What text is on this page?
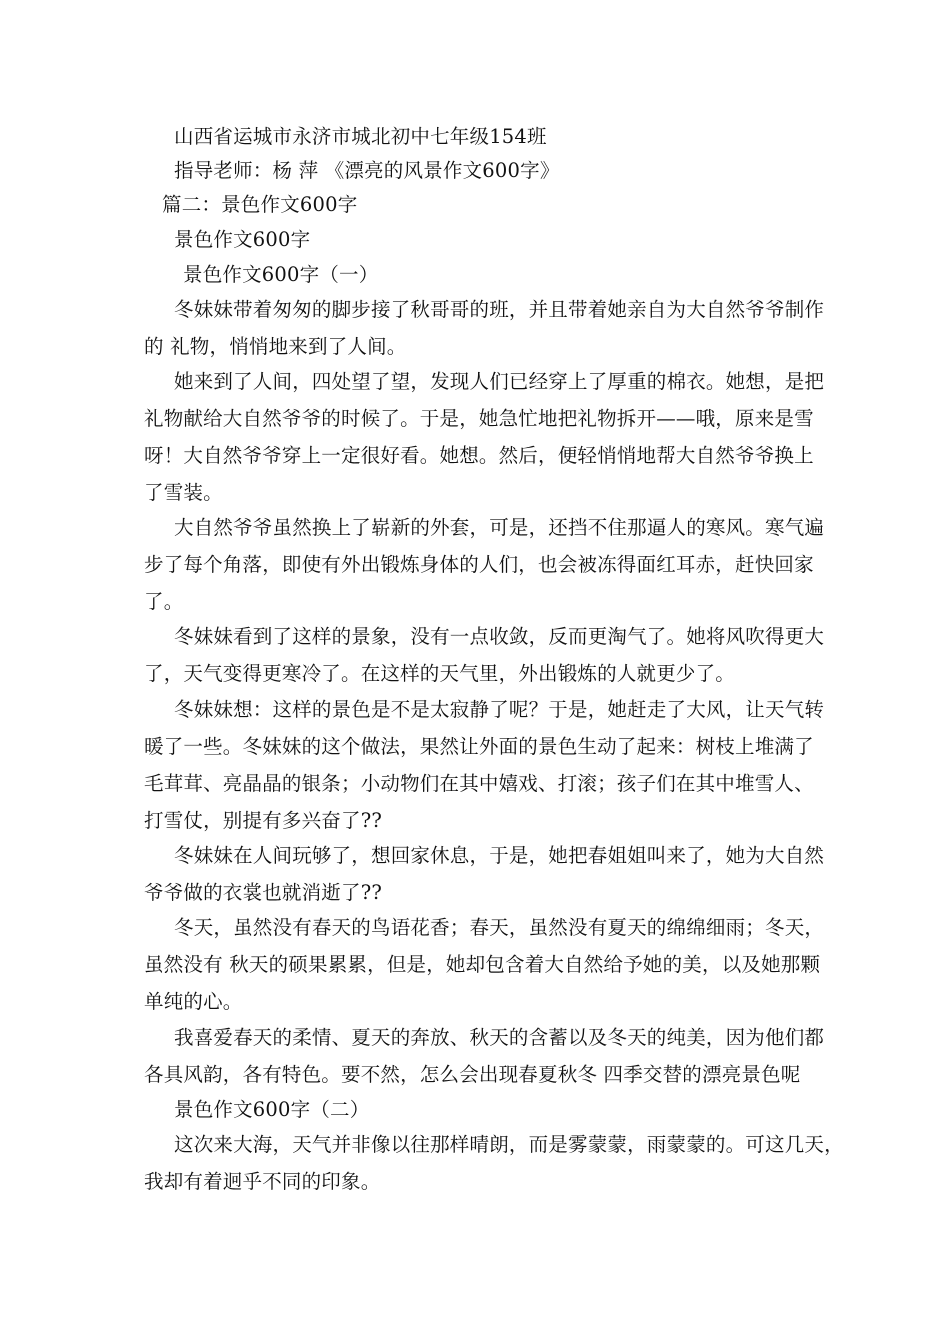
山西省运城市永济市城北初中七年级154班
指导老师：杨 萍 《漂亮的风景作文600字》
篇二：景色作文600字
景色作文600字
景色作文600字（一）
冬妹妹带着匆匆的脚步接了秋哥哥的班，并且带着她亲自为大自然爷爷制作
的 礼物，悄悄地来到了人间。
她来到了人间，四处望了望，发现人们已经穿上了厚重的棉衣。她想，是把
礼物献给大自然爷爷的时候了。于是，她急忙地把礼物拆开——哦，原来是雪
呀！大自然爷爷穿上一定很好看。她想。然后，便轻悄悄地帮大自然爷爷换上
了雪装。
大自然爷爷虽然换上了崭新的外套，可是，还挡不住那逼人的寒风。寒气遍
步了每个角落，即使有外出锻炼身体的人们，也会被冻得面红耳赤，赶快回家
了。
冬妹妹看到了这样的景象，没有一点收敛，反而更淘气了。她将风吹得更大
了，天气变得更寒冷了。在这样的天气里，外出锻炼的人就更少了。
冬妹妹想：这样的景色是不是太寂静了呢？于是，她赶走了大风，让天气转
暖了一些。冬妹妹的这个做法，果然让外面的景色生动了起来：树枝上堆满了
毛茸茸、亮晶晶的银条；小动物们在其中嬉戏、打滚；孩子们在其中堆雪人、
打雪仗，别提有多兴奋了??
冬妹妹在人间玩够了，想回家休息，于是，她把春姐姐叫来了，她为大自然
爷爷做的衣裳也就消逝了??
冬天，虽然没有春天的鸟语花香；春天，虽然没有夏天的绵绵细雨；冬天，
虽然没有 秋天的硕果累累，但是，她却包含着大自然给予她的美，以及她那颗
单纯的心。
我喜爱春天的柔情、夏天的奔放、秋天的含蓄以及冬天的纯美，因为他们都
各具风韵，各有特色。要不然，怎么会出现春夏秋冬 四季交替的漂亮景色呢
景色作文600字（二）
这次来大海，天气并非像以往那样晴朗，而是雾蒙蒙，雨蒙蒙的。可这几天，
我却有着迥乎不同的印象。
